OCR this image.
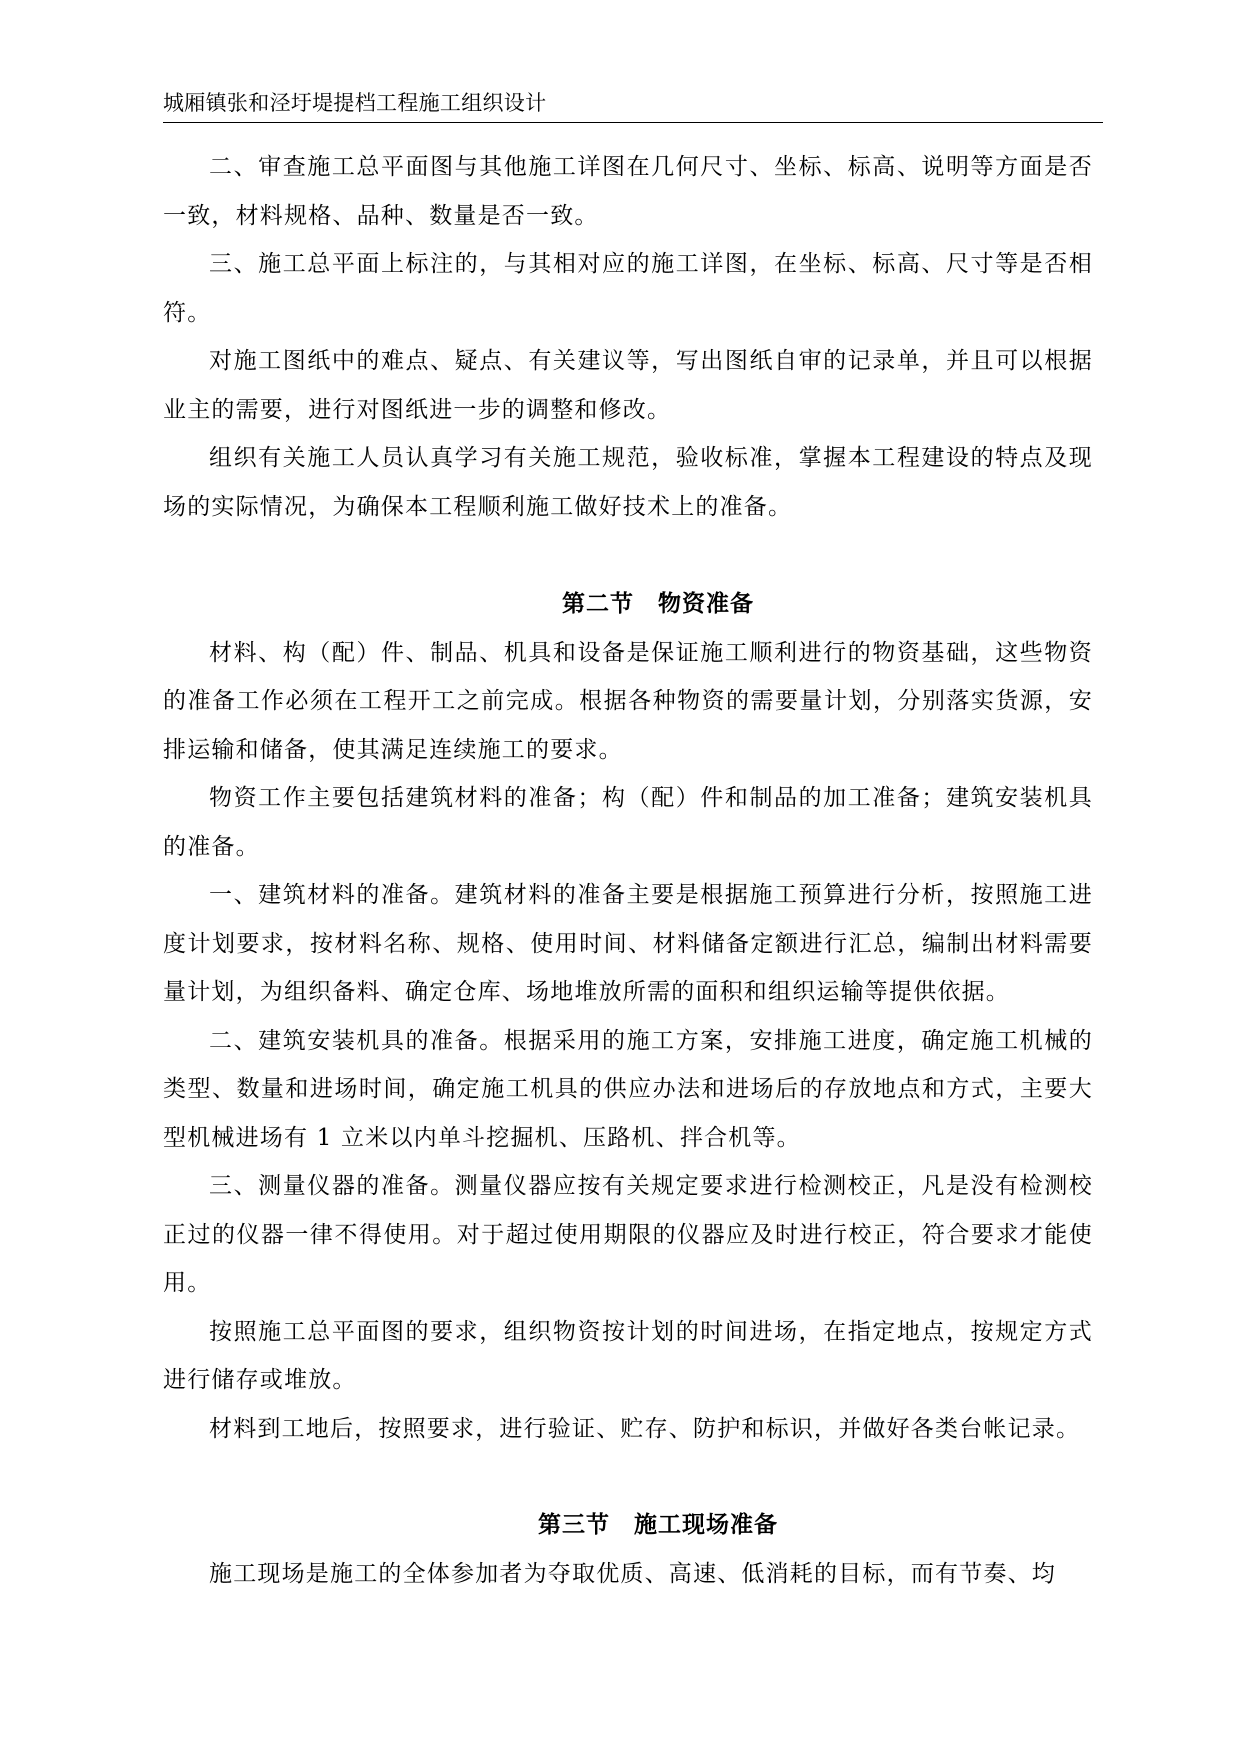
城厢镇张和泾圩堤提档工程施工组织设计

二、审查施工总平面图与其他施工详图在几何尺寸、坐标、标高、说明等方面是否一致，材料规格、品种、数量是否一致。

三、施工总平面上标注的，与其相对应的施工详图，在坐标、标高、尺寸等是否相符。

对施工图纸中的难点、疑点、有关建议等，写出图纸自审的记录单，并且可以根据业主的需要，进行对图纸进一步的调整和修改。

组织有关施工人员认真学习有关施工规范，验收标准，掌握本工程建设的特点及现场的实际情况，为确保本工程顺利施工做好技术上的准备。

第二节 物资准备

材料、构（配）件、制品、机具和设备是保证施工顺利进行的物资基础，这些物资的准备工作必须在工程开工之前完成。根据各种物资的需要量计划，分别落实货源，安排运输和储备，使其满足连续施工的要求。

物资工作主要包括建筑材料的准备；构（配）件和制品的加工准备；建筑安装机具的准备。

一、建筑材料的准备。建筑材料的准备主要是根据施工预算进行分析，按照施工进度计划要求，按材料名称、规格、使用时间、材料储备定额进行汇总，编制出材料需要量计划，为组织备料、确定仓库、场地堆放所需的面积和组织运输等提供依据。

二、建筑安装机具的准备。根据采用的施工方案，安排施工进度，确定施工机械的类型、数量和进场时间，确定施工机具的供应办法和进场后的存放地点和方式，主要大型机械进场有 1 立米以内单斗挖掘机、压路机、拌合机等。

三、测量仪器的准备。测量仪器应按有关规定要求进行检测校正，凡是没有检测校正过的仪器一律不得使用。对于超过使用期限的仪器应及时进行校正，符合要求才能使用。

按照施工总平面图的要求，组织物资按计划的时间进场，在指定地点，按规定方式进行储存或堆放。

材料到工地后，按照要求，进行验证、贮存、防护和标识，并做好各类台帐记录。

第三节 施工现场准备

施工现场是施工的全体参加者为夺取优质、高速、低消耗的目标，而有节奏、均
